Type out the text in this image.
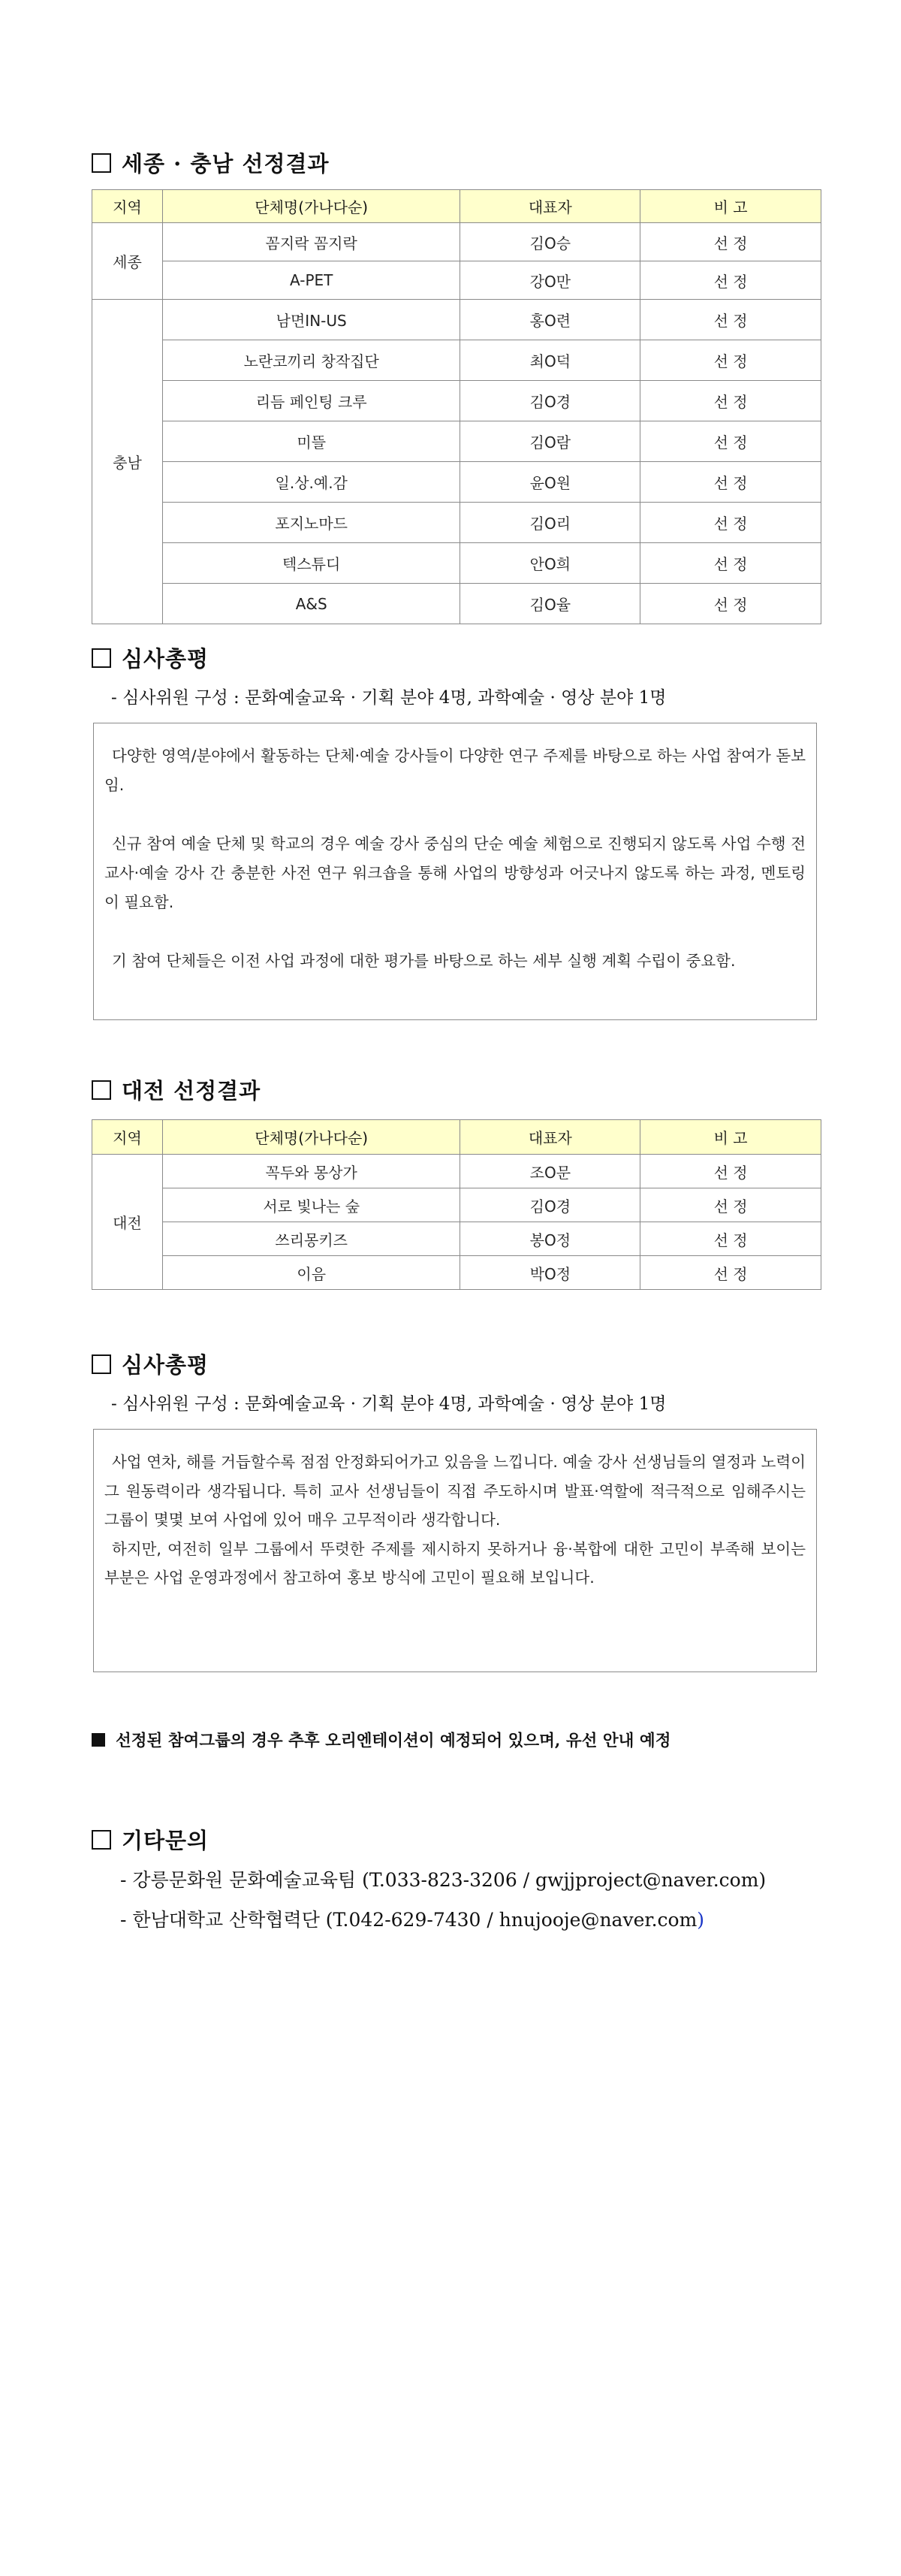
세종 · 충남 선정결과
지역	단체명(가나다순)	대표자	비 고
세종	꼼지락 꼼지락	김O승	선 정
	A-PET	강O만	선 정
충남	남면IN-US	홍O련	선 정
	노란코끼리 창작집단	최O덕	선 정
	리듬 페인팅 크루	김O경	선 정
	미뜰	김O람	선 정
	일.상.예.감	윤O원	선 정
	포지노마드	김O리	선 정
	텍스튜디	안O희	선 정
	A&S	김O율	선 정
심사총평
- 심사위원 구성 : 문화예술교육 · 기획 분야 4명, 과학예술 · 영상 분야 1명

다양한 영역/분야에서 활동하는 단체·예술 강사들이 다양한 연구 주제를 바탕으로 하는 사업 참여가 돋보임.

신규 참여 예술 단체 및 학교의 경우 예술 강사 중심의 단순 예술 체험으로 진행되지 않도록 사업 수행 전 교사·예술 강사 간 충분한 사전 연구 워크숍을 통해 사업의 방향성과 어긋나지 않도록 하는 과정, 멘토링이 필요함.

기 참여 단체들은 이전 사업 과정에 대한 평가를 바탕으로 하는 세부 실행 계획 수립이 중요함.

대전 선정결과
지역	단체명(가나다순)	대표자	비 고
대전	꼭두와 몽상가	조O문	선 정
	서로 빛나는 숲	김O경	선 정
	쓰리몽키즈	봉O정	선 정
	이음	박O정	선 정
심사총평
- 심사위원 구성 : 문화예술교육 · 기획 분야 4명, 과학예술 · 영상 분야 1명

사업 연차, 해를 거듭할수록 점점 안정화되어가고 있음을 느낍니다. 예술 강사 선생님들의 열정과 노력이 그 원동력이라 생각됩니다. 특히 교사 선생님들이 직접 주도하시며 발표·역할에 적극적으로 임해주시는 그룹이 몇몇 보여 사업에 있어 매우 고무적이라 생각합니다.

하지만, 여전히 일부 그룹에서 뚜렷한 주제를 제시하지 못하거나 융·복합에 대한 고민이 부족해 보이는 부분은 사업 운영과정에서 참고하여 홍보 방식에 고민이 필요해 보입니다.

선정된 참여그룹의 경우 추후 오리엔테이션이 예정되어 있으며, 유선 안내 예정
기타문의
- 강릉문화원 문화예술교육팀 (T.033-823-3206 / gwjjproject@naver.com)
- 한남대학교 산학협력단 (T.042-629-7430 / hnujooje@naver.com)
